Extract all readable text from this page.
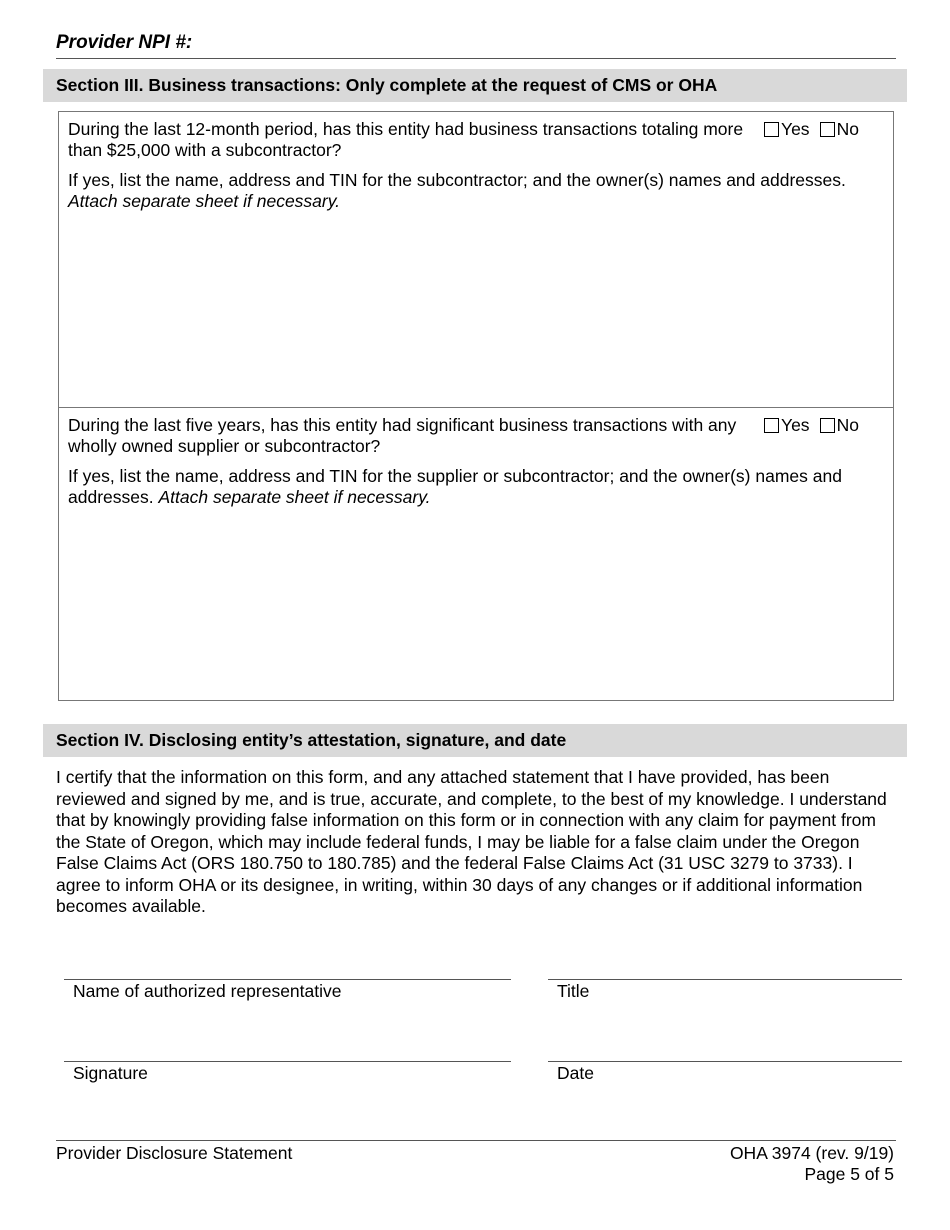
Provider NPI #:
Section III. Business transactions: Only complete at the request of CMS or OHA
During the last 12-month period, has this entity had business transactions totaling more than $25,000 with a subcontractor?
Yes No
If yes, list the name, address and TIN for the subcontractor; and the owner(s) names and addresses. Attach separate sheet if necessary.
During the last five years, has this entity had significant business transactions with any wholly owned supplier or subcontractor?
Yes No
If yes, list the name, address and TIN for the supplier or subcontractor; and the owner(s) names and addresses. Attach separate sheet if necessary.
Section IV. Disclosing entity’s attestation, signature, and date
I certify that the information on this form, and any attached statement that I have provided, has been reviewed and signed by me, and is true, accurate, and complete, to the best of my knowledge. I understand that by knowingly providing false information on this form or in connection with any claim for payment from the State of Oregon, which may include federal funds, I may be liable for a false claim under the Oregon False Claims Act (ORS 180.750 to 180.785) and the federal False Claims Act (31 USC 3279 to 3733). I agree to inform OHA or its designee, in writing, within 30 days of any changes or if additional information becomes available.
Name of authorized representative	Title
Signature	Date
Provider Disclosure Statement	OHA 3974 (rev. 9/19)
Page 5 of 5
